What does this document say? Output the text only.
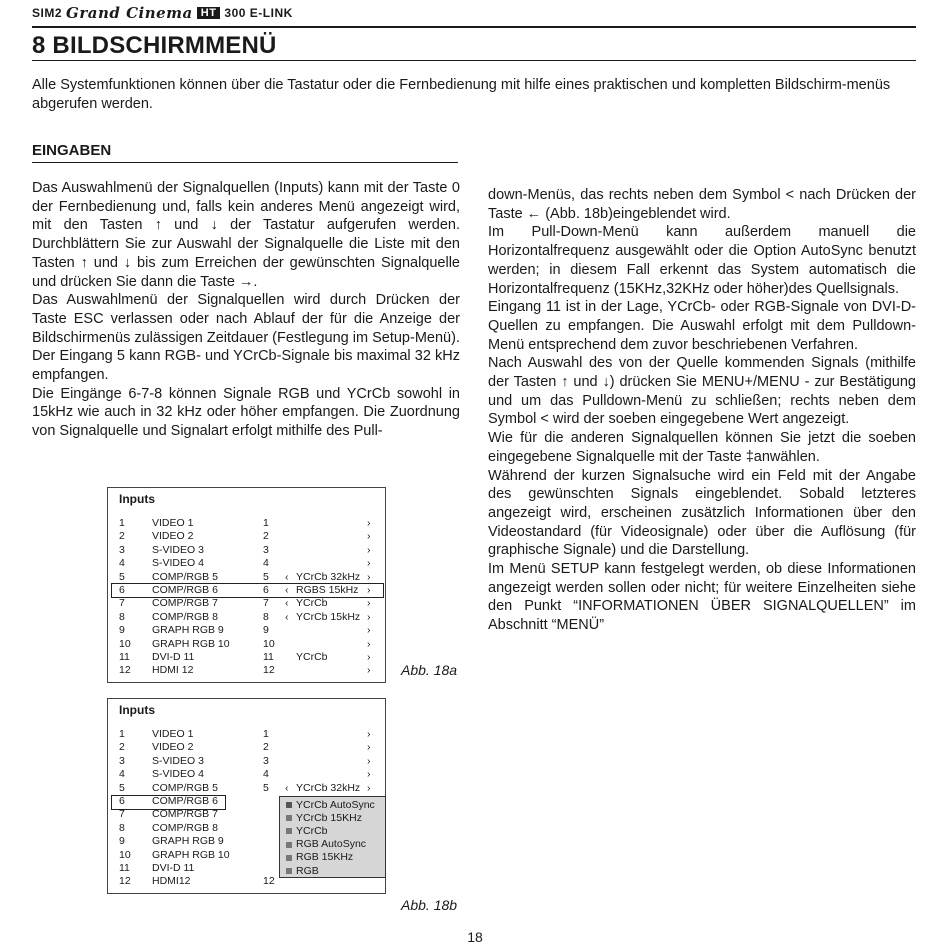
SIM2 Grand Cinema HT 300 E-LINK
8 BILDSCHIRMMENÜ
Alle Systemfunktionen können über die Tastatur oder die Fernbedienung mit hilfe eines praktischen und kompletten Bildschirm-menüs abgerufen werden.
EINGABEN

Das Auswahlmenü der Signalquellen (Inputs) kann mit der Taste 0 der Fernbedienung und, falls kein anderes Menü angezeigt wird, mit den Tasten ↑ und ↓ der Tastatur aufgerufen werden. Durchblättern Sie zur Auswahl der Signalquelle die Liste mit den Tasten ↑ und ↓ bis zum Erreichen der gewünschten Signalquelle und drücken Sie dann die Taste →.

Das Auswahlmenü der Signalquellen wird durch Drücken der Taste ESC verlassen oder nach Ablauf der für die Anzeige der Bildschirmenüs zulässigen Zeitdauer (Festlegung im Setup-Menü).

Der Eingang 5 kann RGB- und YCrCb-Signale bis maximal 32 kHz empfangen.

Die Eingänge 6-7-8 können Signale RGB und YCrCb sowohl in 15kHz wie auch in 32 kHz oder höher empfangen. Die Zuordnung von Signalquelle und Signalart erfolgt mithilfe des Pull-

down-Menüs, das rechts neben dem Symbol < nach Drücken der Taste ← (Abb. 18b)eingeblendet wird.

Im Pull-Down-Menü kann außerdem manuell die Horizontalfrequenz ausgewählt oder die Option AutoSync benutzt werden; in diesem Fall erkennt das System automatisch die Horizontalfrequenz (15KHz,32KHz oder höher)des Quellsignals.

Eingang 11 ist in der Lage, YCrCb- oder RGB-Signale von DVI-D-Quellen zu empfangen. Die Auswahl erfolgt mit dem Pulldown-Menü entsprechend dem zuvor beschriebenen Verfahren.

Nach Auswahl des von der Quelle kommenden Signals (mithilfe der Tasten ↑ und ↓) drücken Sie MENU+/MENU - zur Bestätigung und um das Pulldown-Menü zu schließen; rechts neben dem Symbol < wird der soeben eingegebene Wert angezeigt.

Wie für die anderen Signalquellen können Sie jetzt die soeben eingegebene Signalquelle mit der Taste ‡anwählen.

Während der kurzen Signalsuche wird ein Feld mit der Angabe des gewünschten Signals eingeblendet. Sobald letzteres angezeigt wird, erscheinen zusätzlich Informationen über den Videostandard (für Videosignale) oder über die Auflösung (für graphische Signale) und die Darstellung.

Im Menü SETUP kann festgelegt werden, ob diese Informationen angezeigt werden sollen oder nicht; für weitere Einzelheiten siehe den Punkt “INFORMATIONEN ÜBER SIGNALQUELLEN” im Abschnitt “MENÜ”

Inputs
1	VIDEO 1	1	›
2	VIDEO 2	2	›
3	S-VIDEO 3	3	›
4	S-VIDEO 4	4	›
5	COMP/RGB 5	5 ‹ YCrCb 32kHz ›
6	COMP/RGB 6	6 ‹ RGBS 15kHz ›
7	COMP/RGB 7	7 ‹ YCrCb	›
8	COMP/RGB 8	8 ‹ YCrCb 15kHz ›
9	GRAPH RGB 9	9	›
10 GRAPH RGB 10	10	›
11 DVI-D 11	11 YCrCb	›
12 HDMI 12	12	› Abb. 18a
Inputs
1	VIDEO 1	1	›
2	VIDEO 2	2	›
3	S-VIDEO 3	3	›
4	S-VIDEO 4	4	›
5	COMP/RGB 5	5 ‹ YCrCb 32kHz ›
6	COMP/RGB 6
7	COMP/RGB 7
8	COMP/RGB 8
9	GRAPH RGB 9
10 GRAPH RGB 10
11 DVI-D 11
12 HDMI12	12
YCrCb AutoSync
YCrCb 15KHz
YCrCb
RGB AutoSync
RGB 15KHz
RGB
Abb. 18b
18
